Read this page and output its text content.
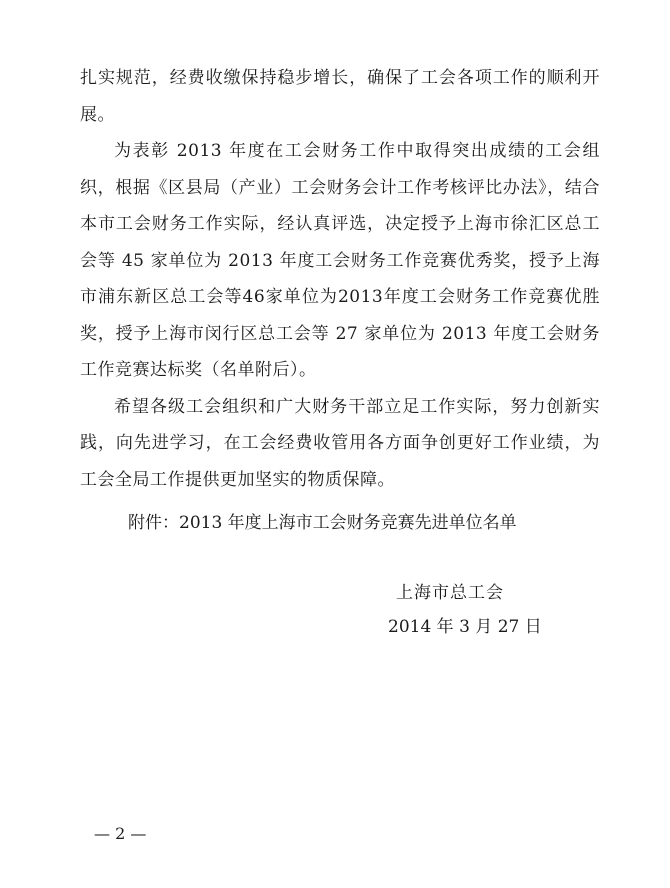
扎实规范，经费收缴保持稳步增长，确保了工会各项工作的顺利开展。

为表彰 2013 年度在工会财务工作中取得突出成绩的工会组织，根据《区县局（产业）工会财务会计工作考核评比办法》，结合本市工会财务工作实际，经认真评选，决定授予上海市徐汇区总工会等 45 家单位为 2013 年度工会财务工作竞赛优秀奖，授予上海市浦东新区总工会等46家单位为2013年度工会财务工作竞赛优胜奖，授予上海市闵行区总工会等 27 家单位为 2013 年度工会财务工作竞赛达标奖（名单附后）。

希望各级工会组织和广大财务干部立足工作实际，努力创新实践，向先进学习，在工会经费收管用各方面争创更好工作业绩，为工会全局工作提供更加坚实的物质保障。

附件：2013 年度上海市工会财务竞赛先进单位名单
上海市总工会
2014 年 3 月 27 日
— 2 —
